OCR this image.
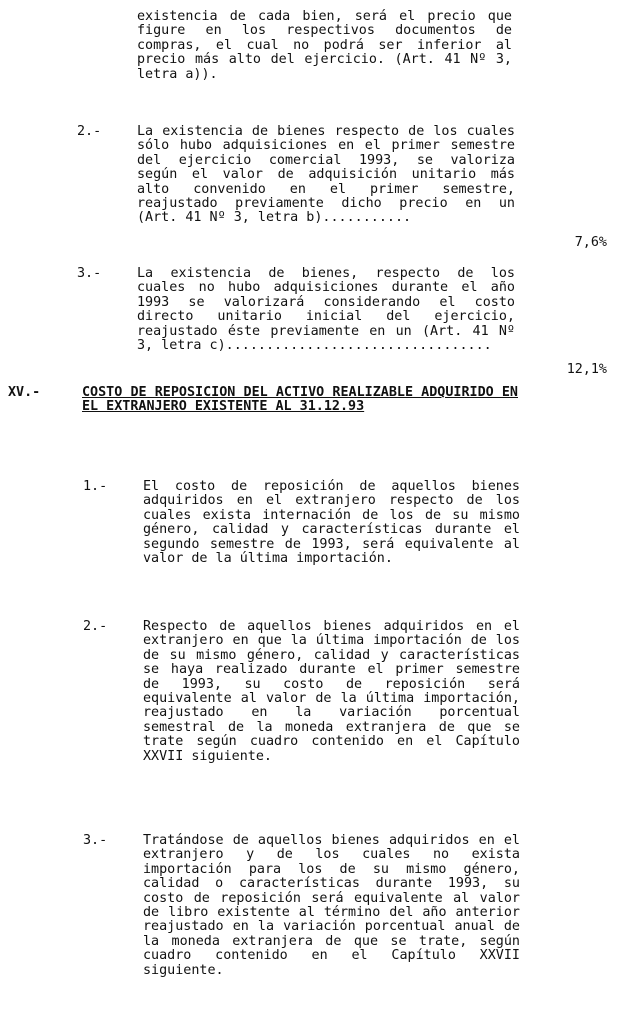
existencia de cada bien, será el precio que figure en los respectivos documentos de compras, el cual no podrá ser inferior al precio más alto del ejercicio. (Art. 41 Nº 3, letra a)).
2.-	La existencia de bienes respecto de los cuales sólo hubo adquisiciones en el primer semestre del ejercicio comercial 1993, se valoriza según el valor de adquisición unitario más alto convenido en el primer semestre, reajustado previamente dicho precio en un (Art. 41 Nº 3, letra b)...........
7,6%
3.-	La existencia de bienes, respecto de los cuales no hubo adquisiciones durante el año 1993 se valorizará considerando el costo directo unitario inicial del ejercicio, reajustado éste previamente en un (Art. 41 Nº 3, letra c).................................
12,1%
XV.-	COSTO DE REPOSICION DEL ACTIVO REALIZABLE ADQUIRIDO EN EL EXTRANJERO EXISTENTE AL 31.12.93
1.-	El costo de reposición de aquellos bienes adquiridos en el extranjero respecto de los cuales exista internación de los de su mismo género, calidad y características durante el segundo semestre de 1993, será equivalente al valor de la última importación.
2.-	Respecto de aquellos bienes adquiridos en el extranjero en que la última importación de los de su mismo género, calidad y características se haya realizado durante el primer semestre de 1993, su costo de reposición será equivalente al valor de la última importación, reajustado en la variación porcentual semestral de la moneda extranjera de que se trate según cuadro contenido en el Capítulo XXVII siguiente.
3.-	Tratándose de aquellos bienes adquiridos en el extranjero y de los cuales no exista importación para los de su mismo género, calidad o características durante 1993, su costo de reposición será equivalente al valor de libro existente al término del año anterior reajustado en la variación porcentual anual de la moneda extranjera de que se trate, según cuadro contenido en el Capítulo XXVII siguiente.
